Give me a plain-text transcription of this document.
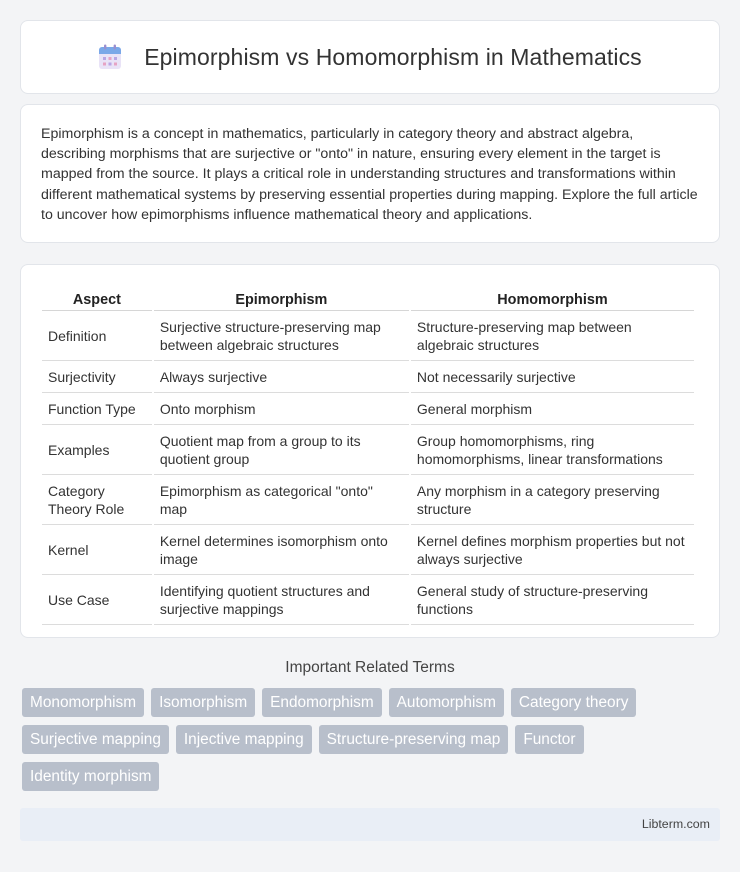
Epimorphism vs Homomorphism in Mathematics

Epimorphism is a concept in mathematics, particularly in category theory and abstract algebra, describing morphisms that are surjective or "onto" in nature, ensuring every element in the target is mapped from the source. It plays a critical role in understanding structures and transformations within different mathematical systems by preserving essential properties during mapping. Explore the full article to uncover how epimorphisms influence mathematical theory and applications.

Aspect	Epimorphism	Homomorphism
Definition	Surjective structure-preserving map between algebraic structures	Structure-preserving map between algebraic structures
Surjectivity	Always surjective	Not necessarily surjective
Function Type	Onto morphism	General morphism
Examples	Quotient map from a group to its quotient group	Group homomorphisms, ring homomorphisms, linear transformations
Category Theory Role	Epimorphism as categorical "onto" map	Any morphism in a category preserving structure
Kernel	Kernel determines isomorphism onto image	Kernel defines morphism properties but not always surjective
Use Case	Identifying quotient structures and surjective mappings	General study of structure-preserving functions
Important Related Terms
Monomorphism	Isomorphism	Endomorphism	Automorphism	Category theory
Surjective mapping	Injective mapping	Structure-preserving map	Functor
Identity morphism
Libterm.com
